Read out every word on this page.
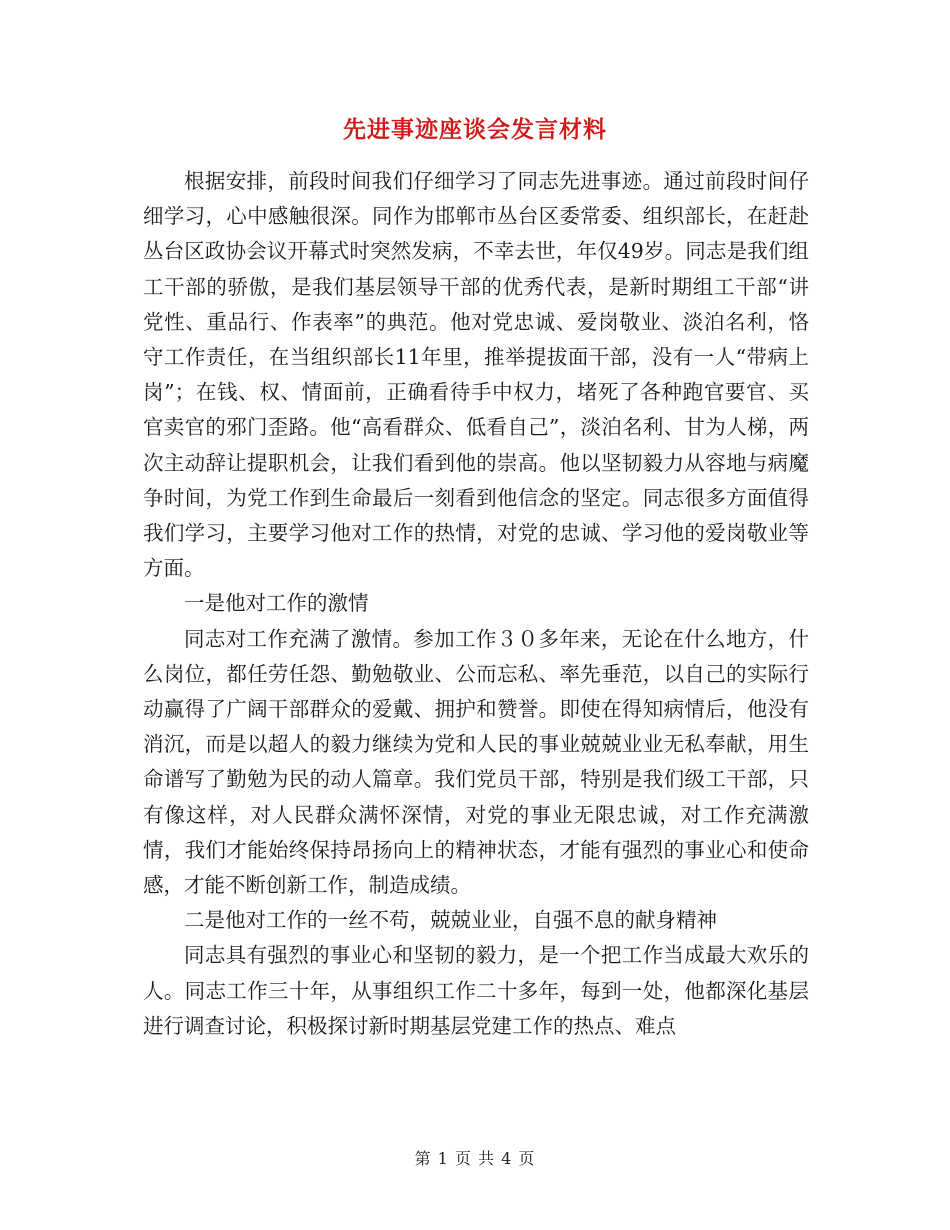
先进事迹座谈会发言材料

根据安排，前段时间我们仔细学习了同志先进事迹。通过前段时间仔细学习，心中感触很深。同作为邯郸市丛台区委常委、组织部长，在赶赴丛台区政协会议开幕式时突然发病，不幸去世，年仅49岁。同志是我们组工干部的骄傲，是我们基层领导干部的优秀代表，是新时期组工干部“讲党性、重品行、作表率”的典范。他对党忠诚、爱岗敬业、淡泊名利，恪守工作责任，在当组织部长11年里，推举提拔面干部，没有一人“带病上岗”；在钱、权、情面前，正确看待手中权力，堵死了各种跑官要官、买官卖官的邪门歪路。他“高看群众、低看自己”，淡泊名利、甘为人梯，两次主动辞让提职机会，让我们看到他的崇高。他以坚韧毅力从容地与病魔争时间，为党工作到生命最后一刻看到他信念的坚定。同志很多方面值得我们学习，主要学习他对工作的热情，对党的忠诚、学习他的爱岗敬业等方面。

一是他对工作的激情

同志对工作充满了激情。参加工作３０多年来，无论在什么地方，什么岗位，都任劳任怨、勤勉敬业、公而忘私、率先垂范，以自己的实际行动赢得了广阔干部群众的爱戴、拥护和赞誉。即使在得知病情后，他没有消沉，而是以超人的毅力继续为党和人民的事业兢兢业业无私奉献，用生命谱写了勤勉为民的动人篇章。我们党员干部，特别是我们级工干部，只有像这样，对人民群众满怀深情，对党的事业无限忠诚，对工作充满激情，我们才能始终保持昂扬向上的精神状态，才能有强烈的事业心和使命感，才能不断创新工作，制造成绩。

二是他对工作的一丝不苟，兢兢业业，自强不息的献身精神

同志具有强烈的事业心和坚韧的毅力，是一个把工作当成最大欢乐的人。同志工作三十年，从事组织工作二十多年，每到一处，他都深化基层进行调查讨论，积极探讨新时期基层党建工作的热点、难点

第 1 页 共 4 页
